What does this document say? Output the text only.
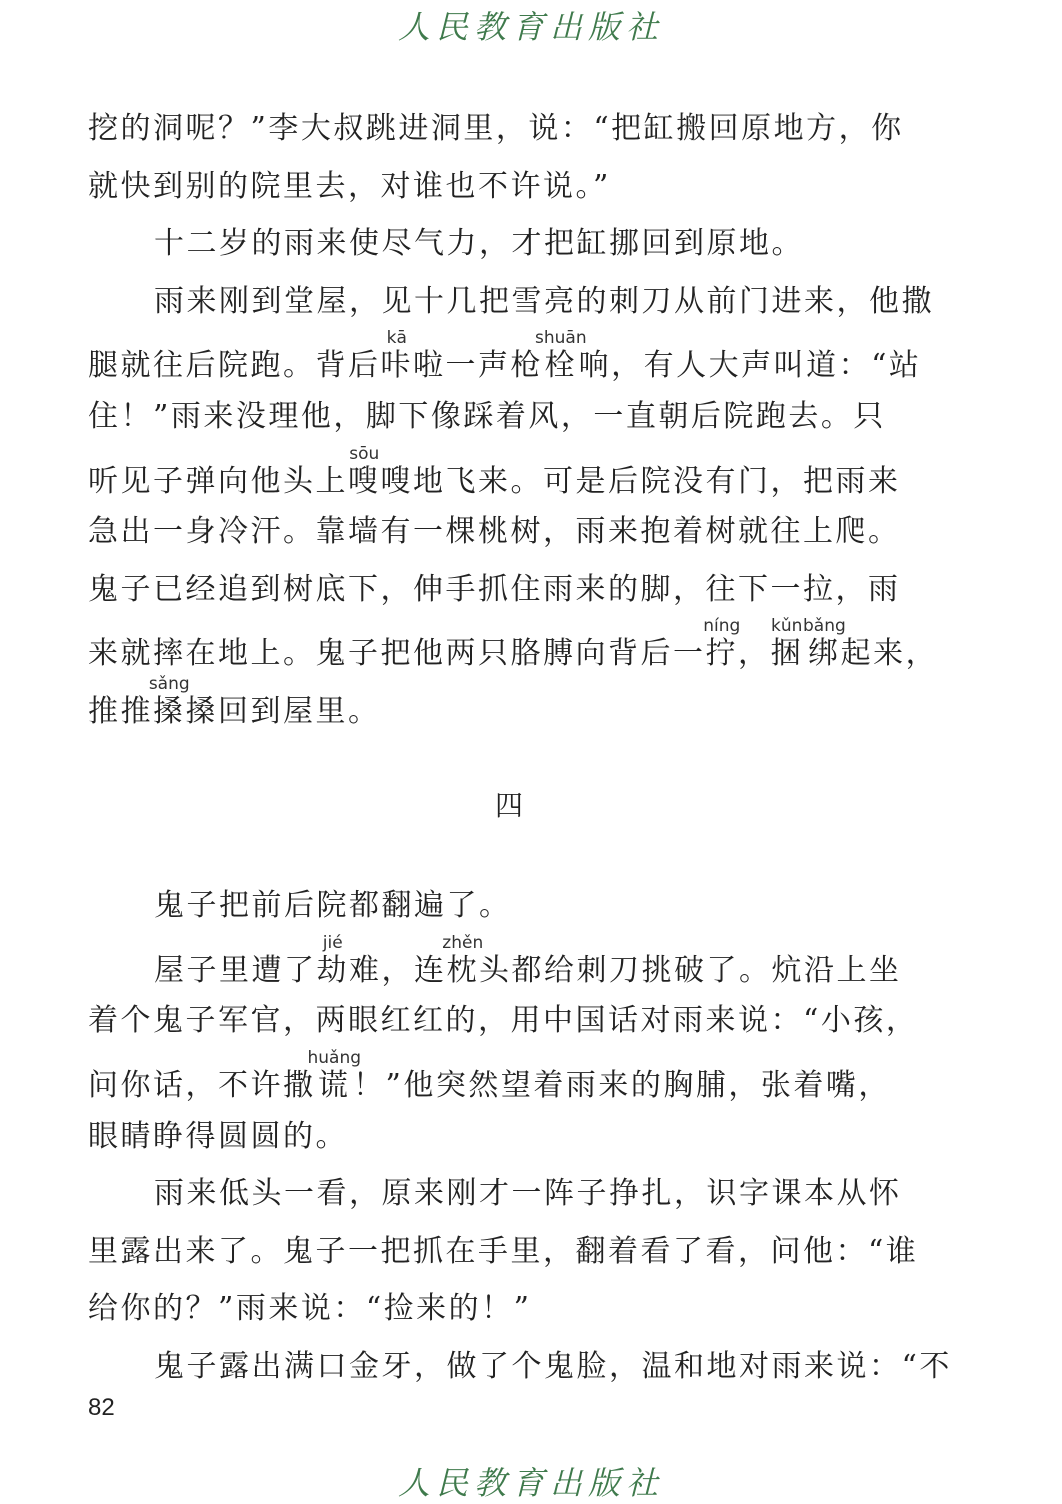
人民教育出版社
挖的洞呢？”李大叔跳进洞里，说：“把缸搬回原地方，你
就快到别的院里去，对谁也不许说。”
十二岁的雨来使尽气力，才把缸挪回到原地。
雨来刚到堂屋，见十几把雪亮的刺刀从前门进来，他撒
腿就往后院跑。背后咔kā啦一声枪栓shuān响，有人大声叫道：“站
住！”雨来没理他，脚下像踩着风，一直朝后院跑去。只
听见子弹向他头上嗖sōu嗖地飞来。可是后院没有门，把雨来
急出一身冷汗。靠墙有一棵桃树，雨来抱着树就往上爬。
鬼子已经追到树底下，伸手抓住雨来的脚，往下一拉，雨
来就摔在地上。鬼子把他两只胳膊向背后一拧níng，捆kǔn绑bǎng起来，
推推搡sǎng搡回到屋里。
四
鬼子把前后院都翻遍了。
屋子里遭了劫jié难，连枕zhěn头都给刺刀挑破了。炕沿上坐
着个鬼子军官，两眼红红的，用中国话对雨来说：“小孩，
问你话，不许撒谎huǎng！”他突然望着雨来的胸脯，张着嘴，
眼睛睁得圆圆的。
雨来低头一看，原来刚才一阵子挣扎，识字课本从怀
里露出来了。鬼子一把抓在手里，翻着看了看，问他：“谁
给你的？”雨来说：“捡来的！”
鬼子露出满口金牙，做了个鬼脸，温和地对雨来说：“不
82
人民教育出版社
